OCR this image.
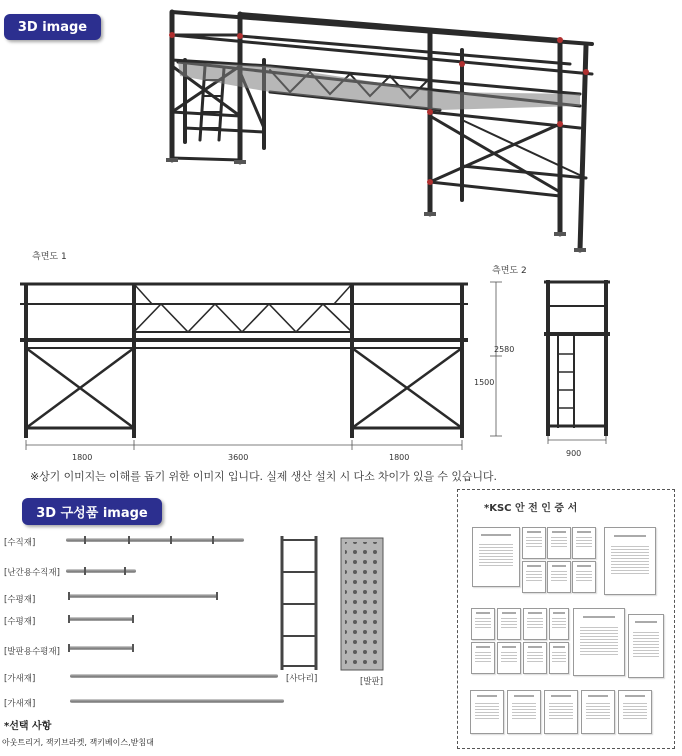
3D image
측면도 1
1800	3600	1800
측면도 2
2580
1500
900
※상기 이미지는 이해를 돕기 위한 이미지 입니다. 실제 생산 설치 시 다소 차이가 있을 수 있습니다.
3D 구성품 image
[수직재]
[난간용수직재]
[수평재]
[수평재]
[발판용수평재]
[가새재]
[가새재]
[사다리]	[발판]
*선택 사항
아웃트리거, 잭키브라켓, 잭키베이스,받침대
*KSC 안 전 인 증 서
